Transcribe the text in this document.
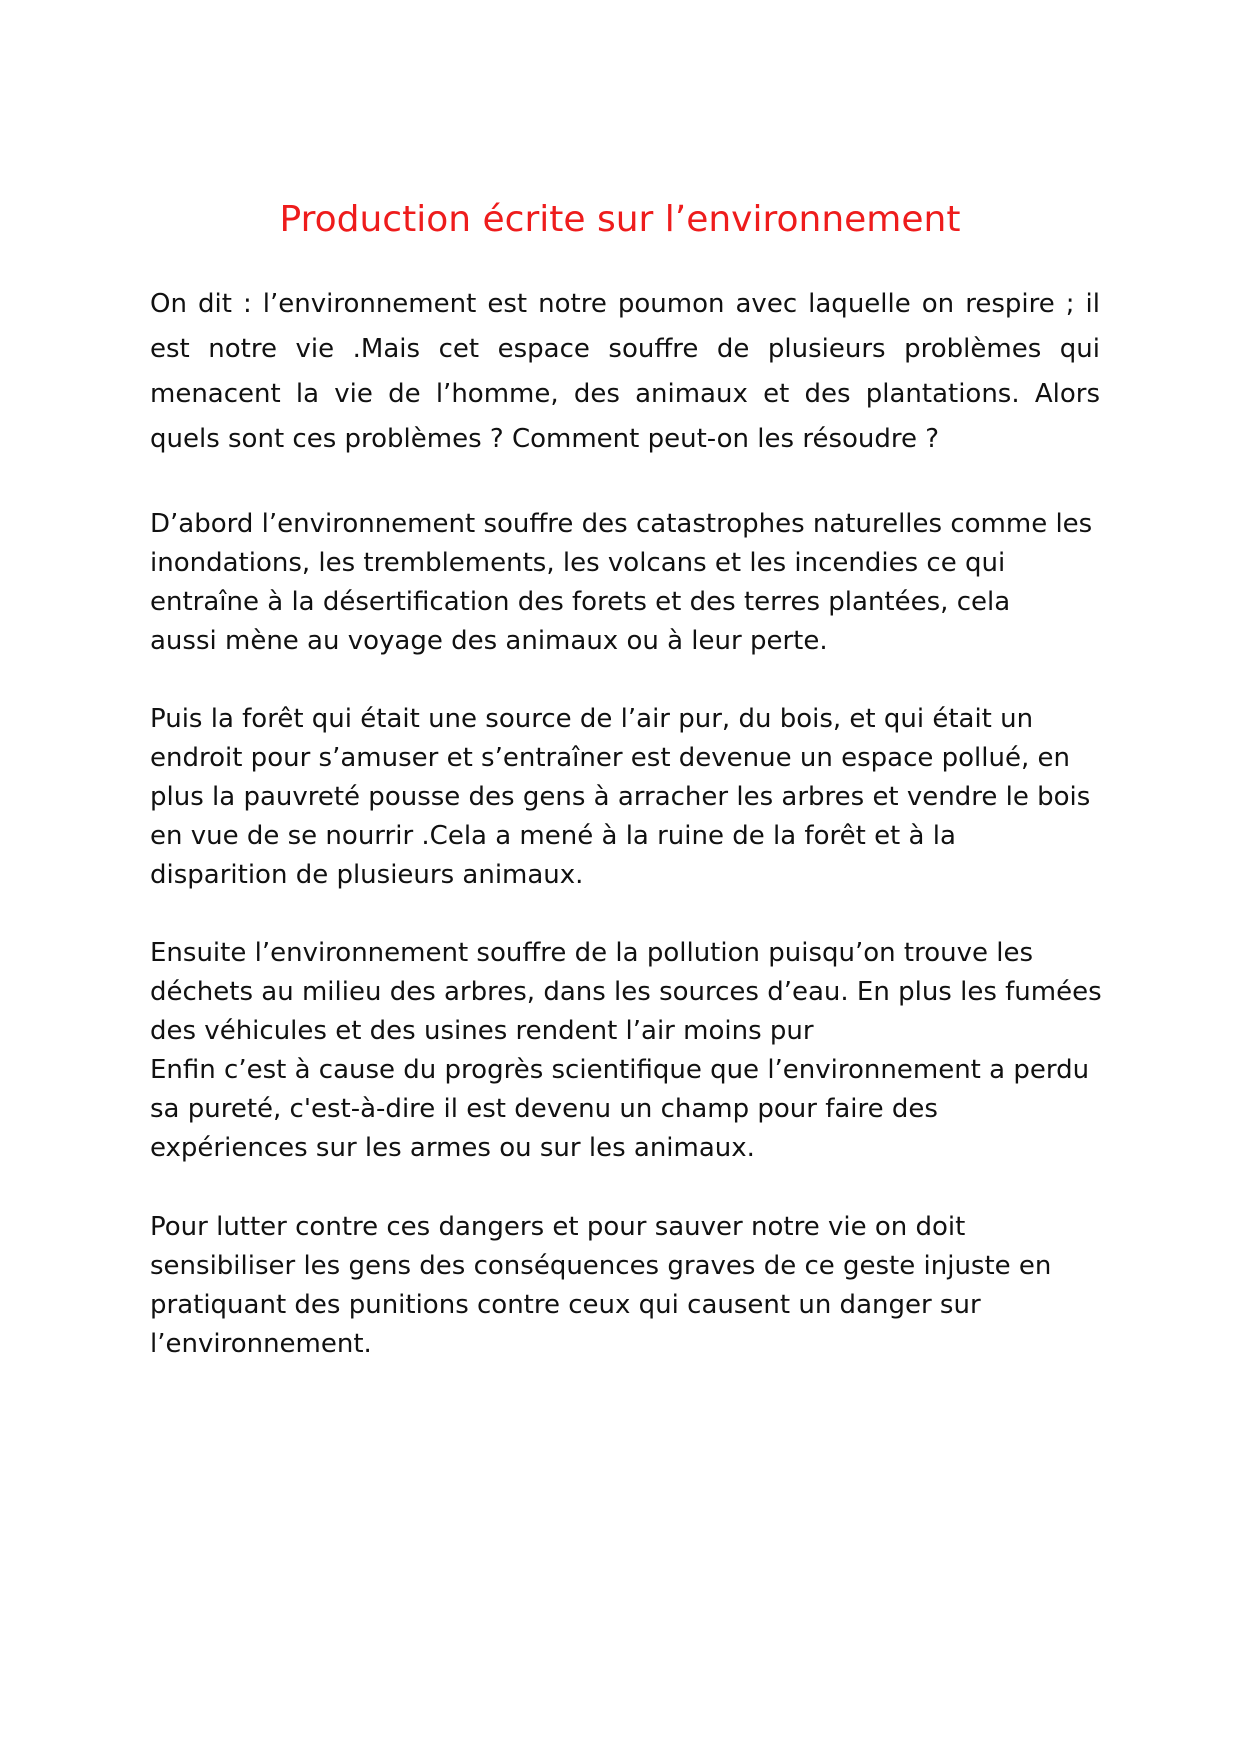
Production écrite sur l’environnement
On dit : l’environnement est notre poumon avec laquelle on respire ; il
est notre vie .Mais cet espace souffre de plusieurs problèmes qui
menacent la vie de l’homme, des animaux et des plantations. Alors
quels sont ces problèmes ? Comment peut-on les résoudre ?
D’abord l’environnement souffre des catastrophes naturelles comme les
inondations, les tremblements, les volcans et les incendies ce qui
entraîne à la désertification des forets et des terres plantées, cela
aussi mène au voyage des animaux ou à leur perte.
Puis la forêt qui était une source de l’air pur, du bois, et qui était un
endroit pour s’amuser et s’entraîner est devenue un espace pollué, en
plus la pauvreté pousse des gens à arracher les arbres et vendre le bois
en vue de se nourrir .Cela a mené à la ruine de la forêt et à la
disparition de plusieurs animaux.
Ensuite l’environnement souffre de la pollution puisqu’on trouve les
déchets au milieu des arbres, dans les sources d’eau. En plus les fumées
des véhicules et des usines rendent l’air moins pur
Enfin c’est à cause du progrès scientifique que l’environnement a perdu
sa pureté, c'est-à-dire il est devenu un champ pour faire des
expériences sur les armes ou sur les animaux.
Pour lutter contre ces dangers et pour sauver notre vie on doit
sensibiliser les gens des conséquences graves de ce geste injuste en
pratiquant des punitions contre ceux qui causent un danger sur
l’environnement.
